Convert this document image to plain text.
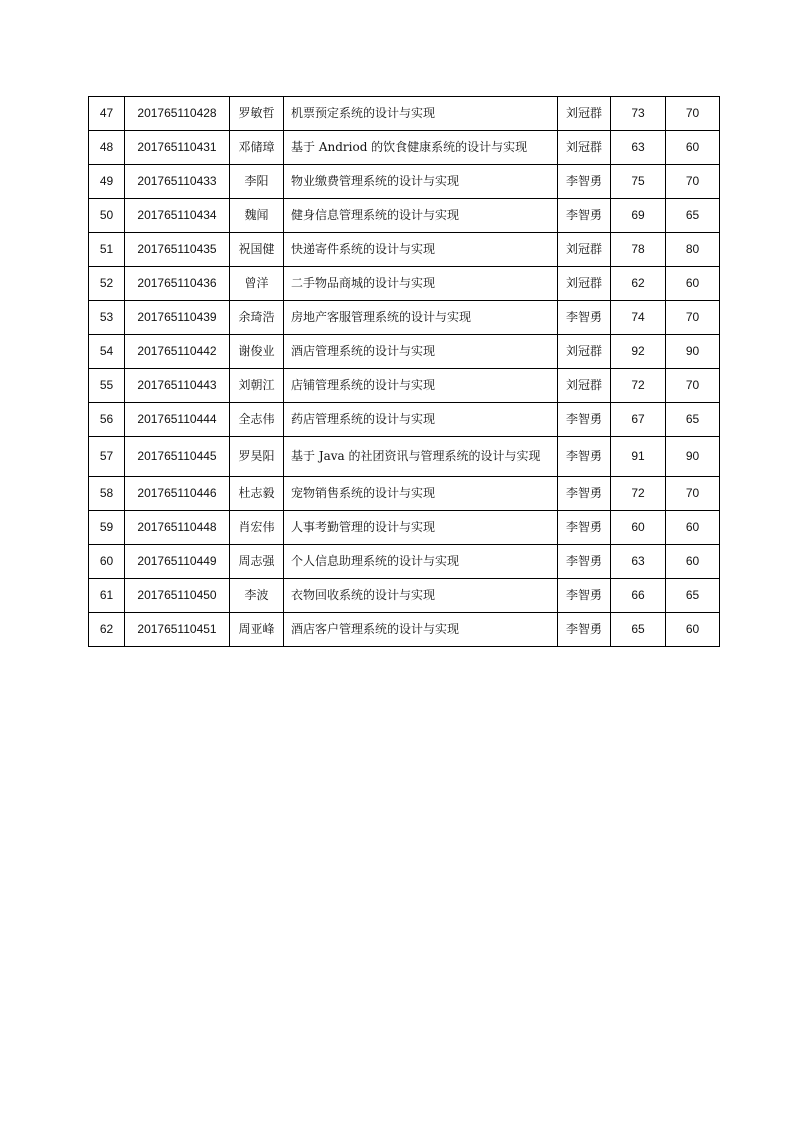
47	201765110428	罗敏哲	机票预定系统的设计与实现	刘冠群	73	70
48	201765110431	邓储璋	基于 Andriod 的饮食健康系统的设计与实现	刘冠群	63	60
49	201765110433	李阳	物业缴费管理系统的设计与实现	李智勇	75	70
50	201765110434	魏闻	健身信息管理系统的设计与实现	李智勇	69	65
51	201765110435	祝国健	快递寄件系统的设计与实现	刘冠群	78	80
52	201765110436	曾洋	二手物品商城的设计与实现	刘冠群	62	60
53	201765110439	余琦浩	房地产客服管理系统的设计与实现	李智勇	74	70
54	201765110442	谢俊业	酒店管理系统的设计与实现	刘冠群	92	90
55	201765110443	刘朝江	店铺管理系统的设计与实现	刘冠群	72	70
56	201765110444	全志伟	药店管理系统的设计与实现	李智勇	67	65
57	201765110445	罗昊阳	基于 Java 的社团资讯与管理系统的设计与实现	李智勇	91	90
58	201765110446	杜志毅	宠物销售系统的设计与实现	李智勇	72	70
59	201765110448	肖宏伟	人事考勤管理的设计与实现	李智勇	60	60
60	201765110449	周志强	个人信息助理系统的设计与实现	李智勇	63	60
61	201765110450	李波	衣物回收系统的设计与实现	李智勇	66	65
62	201765110451	周亚峰	酒店客户管理系统的设计与实现	李智勇	65	60
